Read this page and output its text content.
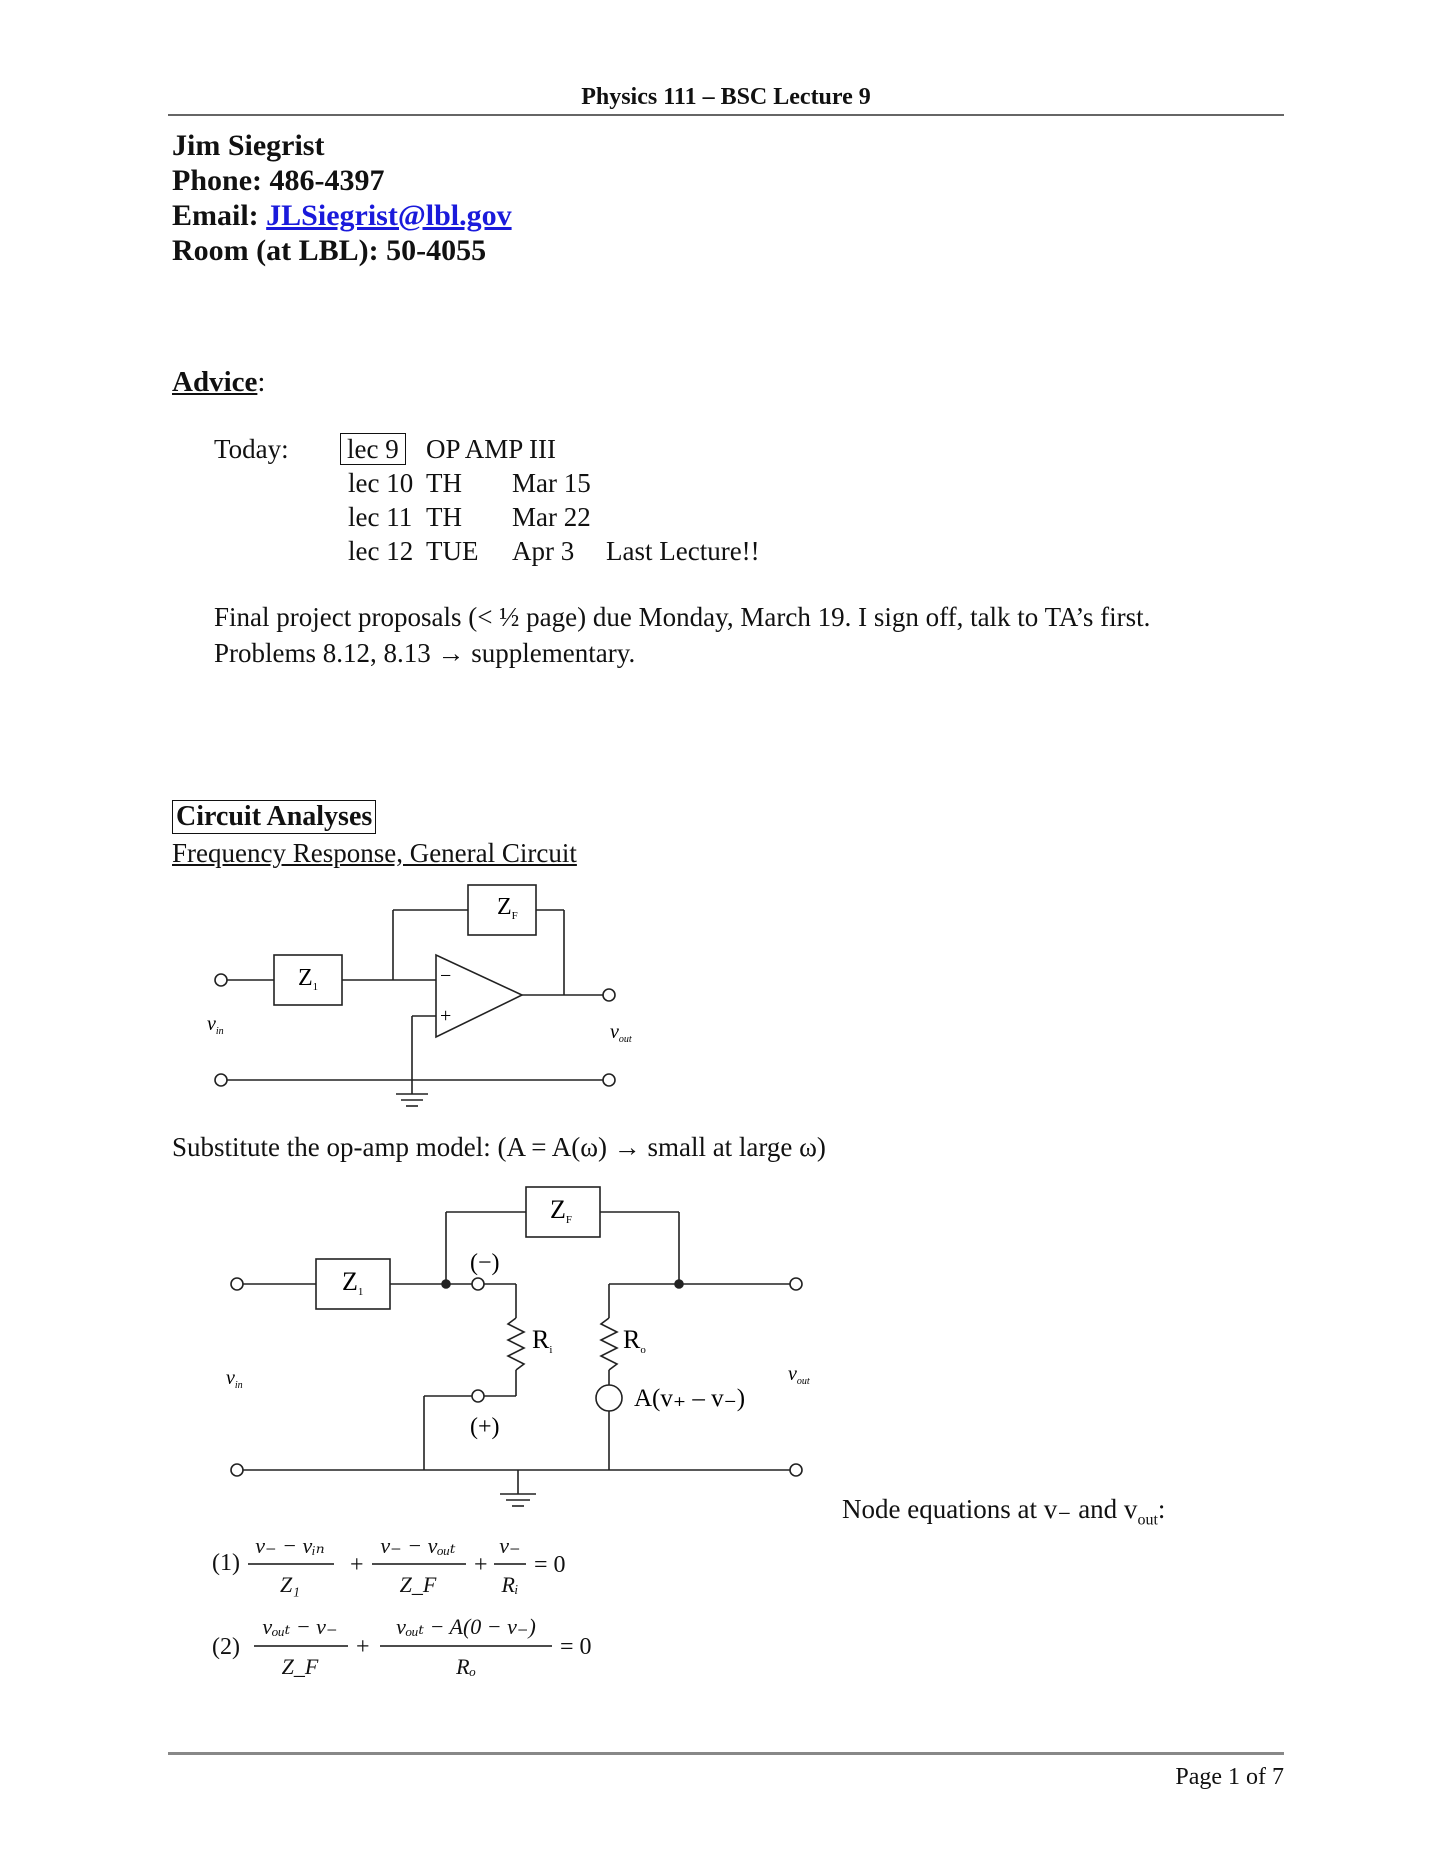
Physics 111 – BSC Lecture 9
Jim Siegrist
Phone: 486-4397
Email: JLSiegrist@lbl.gov
Room (at LBL): 50-4055
Advice:
Today: lec 9 OP AMP III
lec 10 TH Mar 15
lec 11 TH Mar 22
lec 12 TUE Apr 3 Last Lecture!!
Final project proposals (< ½ page) due Monday, March 19. I sign off, talk to TA’s first.
Problems 8.12, 8.13 → supplementary.
Circuit Analyses
Frequency Response, General Circuit
$Z_F$
$Z_1$	−
+
$v_{in}$	$v_{out}$
Substitute the op-amp model: (A = A(ω) → small at large ω)
ZF
Z1
(−)
(+)
Ri	Ro
A(v₊ – v₋)
$v_{in}$
$v_{out}$
Node equations at v₋ and $v_{out}$:
(1)
v₋ − vᵢₙ
Z₁
+
v₋ − vₒᵤₜ
Z_F
+
v₋
Rᵢ
= 0
(2)
vₒᵤₜ − v₋
Z_F
+
vₒᵤₜ − A(0 − v₋)
Rₒ
= 0
Page 1 of 7
